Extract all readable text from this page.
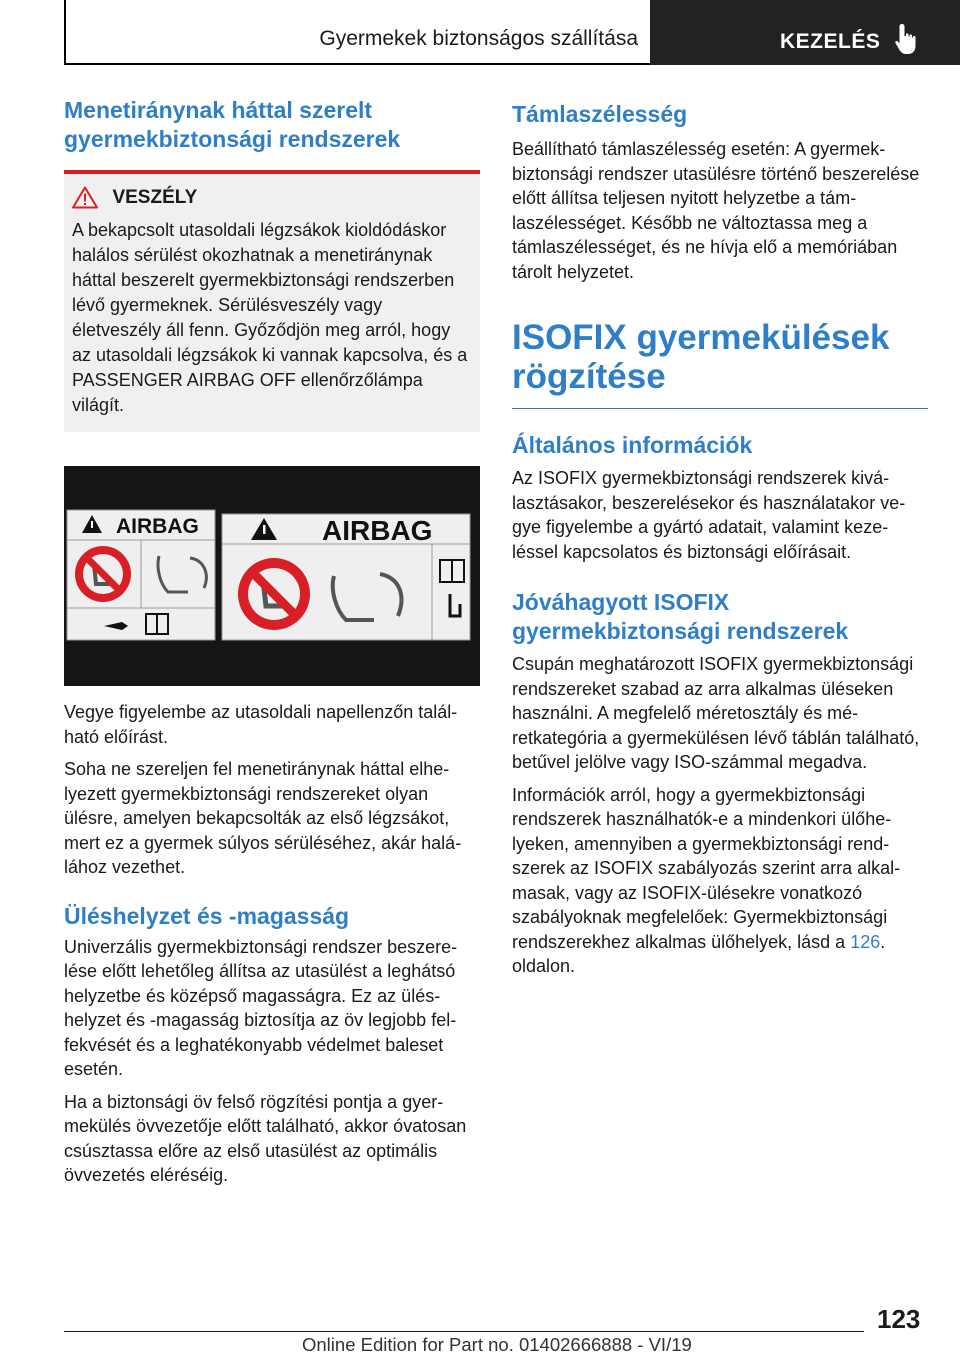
Gyermekek biztonságos szállítása	KEZELÉS
Menetiránynak háttal szerelt gyermekbiztonsági rendszerek
VESZÉLY
A bekapcsolt utasoldali légzsákok kioldódáskor halálos sérülést okozhatnak a menetiránynak háttal beszerelt gyermekbiztonsági rendszerben lévő gyermeknek. Sérülésveszély vagy életveszély áll fenn. Győződjön meg arról, hogy az utasoldali légzsákok ki vannak kapcsolva, és a PASSENGER AIRBAG OFF ellenőrzőlámpa világít.
AIRBAG	AIRBAG

Vegye figyelembe az utasoldali napellenzőn található előírást.

Soha ne szereljen fel menetiránynak háttal elhelyezett gyermekbiztonsági rendszereket olyan ülésre, amelyen bekapcsolták az első légzsákot, mert ez a gyermek súlyos sérüléséhez, akár halálához vezethet.

Üléshelyzet és -magasság

Univerzális gyermekbiztonsági rendszer beszerelése előtt lehetőleg állítsa az utasülést a leghátsó helyzetbe és középső magasságra. Ez az üléshelyzet és -magasság biztosítja az öv legjobb felfekvését és a leghatékonyabb védelmet baleset esetén.

Ha a biztonsági öv felső rögzítési pontja a gyermekülés övvezetője előtt található, akkor óvatosan csúsztassa előre az első utasülést az optimális övvezetés eléréséig.

Támlaszélesség

Beállítható támlaszélesség esetén: A gyermekbiztonsági rendszer utasülésre történő beszerelése előtt állítsa teljesen nyitott helyzetbe a támlaszélességet. Később ne változtassa meg a támlaszélességet, és ne hívja elő a memóriában tárolt helyzetet.

ISOFIX gyermekülések rögzítése
Általános információk

Az ISOFIX gyermekbiztonsági rendszerek kiválasztásakor, beszerelésekor és használatakor vegye figyelembe a gyártó adatait, valamint kezeléssel kapcsolatos és biztonsági előírásait.

Jóváhagyott ISOFIX gyermekbiztonsági rendszerek

Csupán meghatározott ISOFIX gyermekbiztonsági rendszereket szabad az arra alkalmas üléseken használni. A megfelelő méretosztály és méretkategória a gyermekülésen lévő táblán található, betűvel jelölve vagy ISO-számmal megadva.

Információk arról, hogy a gyermekbiztonsági rendszerek használhatók-e a mindenkori ülőhelyeken, amennyiben a gyermekbiztonsági rendszerek az ISOFIX szabályozás szerint arra alkalmasak, vagy az ISOFIX-ülésekre vonatkozó szabályoknak megfelelőek: Gyermekbiztonsági rendszerekhez alkalmas ülőhelyek, lásd a 126. oldalon.

123
Online Edition for Part no. 01402666888 - VI/19
